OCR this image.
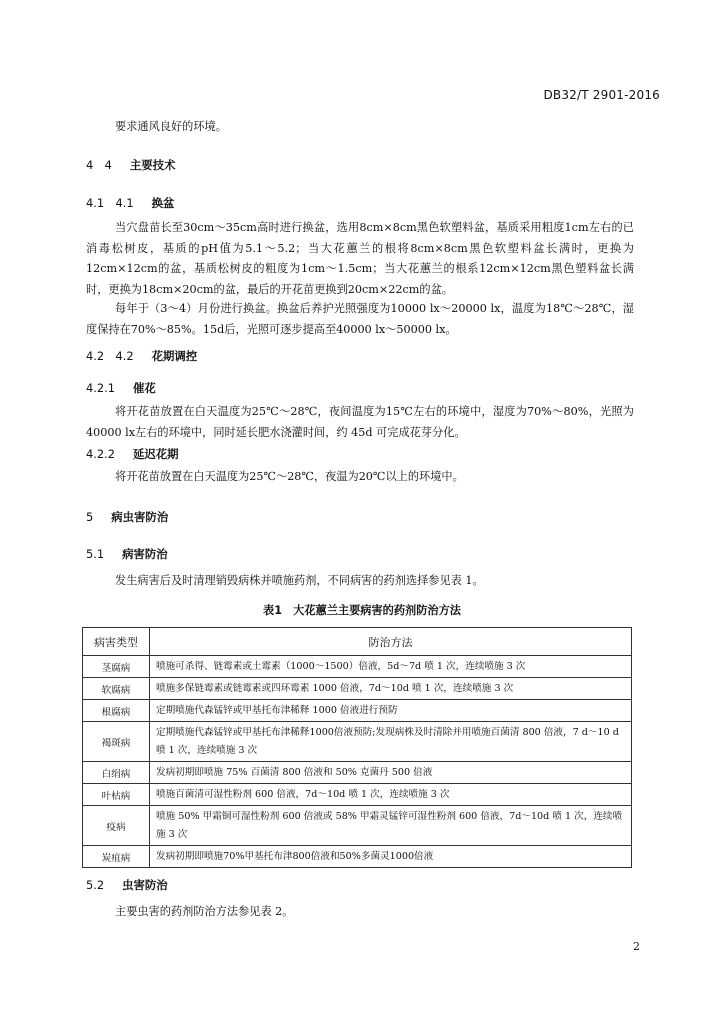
DB32/T 2901-2016

要求通风良好的环境。

4　4 主要技术
4.1　4.1 换盆

当穴盘苗长至30cm～35cm高时进行换盆，选用8cm×8cm黑色软塑料盆，基质采用粗度1cm左右的已消毒松树皮，基质的pH值为5.1～5.2；当大花蕙兰的根将8cm×8cm黑色软塑料盆长满时，更换为12cm×12cm的盆，基质松树皮的粗度为1cm～1.5cm；当大花蕙兰的根系12cm×12cm黑色塑料盆长满时，更换为18cm×20cm的盆，最后的开花苗更换到20cm×22cm的盆。

每年于（3～4）月份进行换盆。换盆后养护光照强度为10000 lx～20000 lx，温度为18℃～28℃，湿度保持在70%～85%。15d后，光照可逐步提高至40000 lx～50000 lx。

4.2　4.2 花期调控
4.2.1 催花

将开花苗放置在白天温度为25℃～28℃，夜间温度为15℃左右的环境中，湿度为70%～80%，光照为40000 lx左右的环境中，同时延长肥水浇灌时间，约 45d 可完成花芽分化。

4.2.2 延迟花期

将开花苗放置在白天温度为25℃～28℃，夜温为20℃以上的环境中。

5 病虫害防治
5.1 病害防治

发生病害后及时清理销毁病株并喷施药剂，不同病害的药剂选择参见表 1。

表1　大花蕙兰主要病害的药剂防治方法
病害类型	防治方法
茎腐病	喷施可杀得、链霉素或土霉素（1000～1500）倍液，5d～7d 喷 1 次，连续喷施 3 次
软腐病	喷施多保链霉素或链霉素或四环霉素 1000 倍液，7d～10d 喷 1 次，连续喷施 3 次
根腐病	定期喷施代森锰锌或甲基托布津稀释 1000 倍液进行预防
褐斑病	定期喷施代森锰锌或甲基托布津稀释1000倍液预防;发现病株及时清除并用喷施百菌清 800 倍液，7 d～10 d 喷 1 次，连续喷施 3 次
白绢病	发病初期即喷施 75% 百菌清 800 倍液和 50% 克菌丹 500 倍液
叶枯病	喷施百菌清可湿性粉剂 600 倍液，7d～10d 喷 1 次，连续喷施 3 次
疫病	喷施 50% 甲霜铜可湿性粉剂 600 倍液或 58% 甲霜灵锰锌可湿性粉剂 600 倍液，7d～10d 喷 1 次，连续喷施 3 次
炭疽病	发病初期即喷施70%甲基托布津800倍液和50%多菌灵1000倍液
5.2 虫害防治

主要虫害的药剂防治方法参见表 2。

2
